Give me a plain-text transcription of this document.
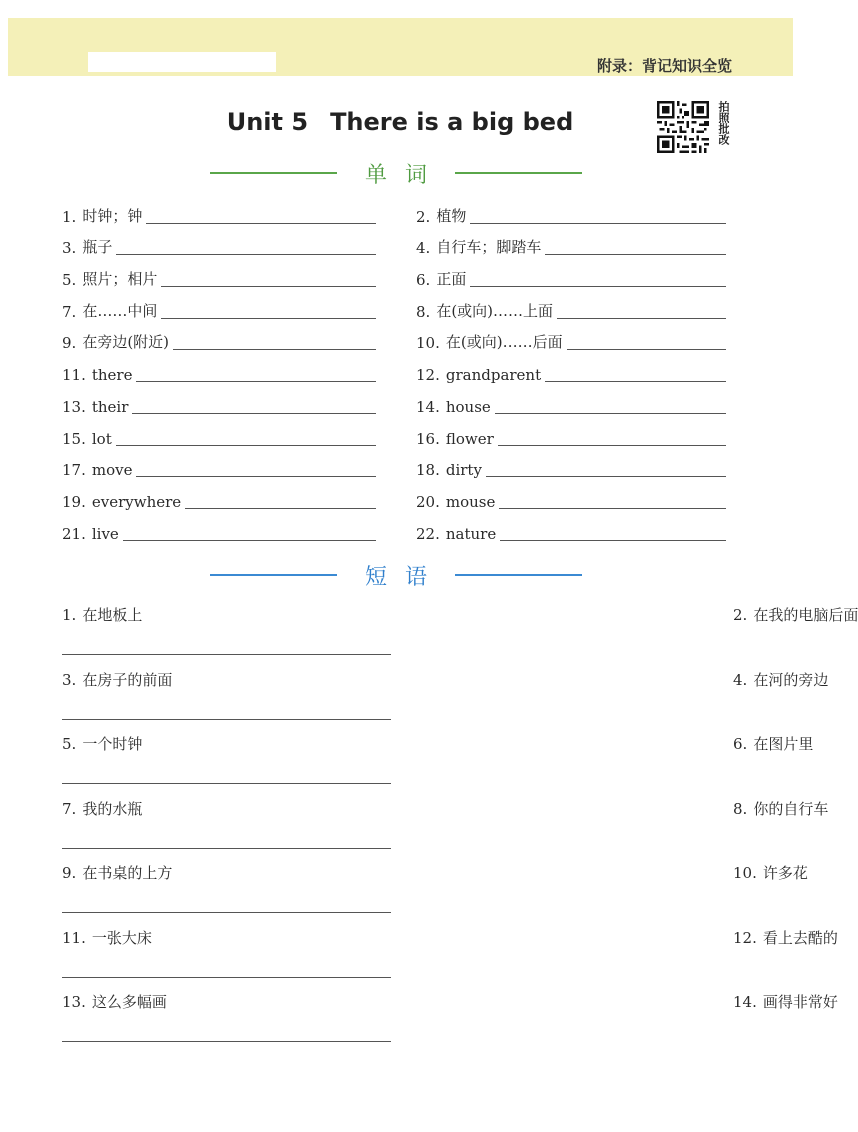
附录：背记知识全览
Unit 5 There is a big bed	拍照批改
单词
1. 时钟；钟	2. 植物
3. 瓶子	4. 自行车；脚踏车
5. 照片；相片	6. 正面
7. 在……中间	8. 在(或向)……上面
9. 在旁边(附近)	10. 在(或向)……后面
11. there	12. grandparent
13. their	14. house
15. lot	16. flower
17. move	18. dirty
19. everywhere	20. mouse
21. live	22. nature
短语
1. 在地板上	2. 在我的电脑后面
3. 在房子的前面	4. 在河的旁边
5. 一个时钟	6. 在图片里
7. 我的水瓶	8. 你的自行车
9. 在书桌的上方	10. 许多花
11. 一张大床	12. 看上去酷的
13. 这么多幅画	14. 画得非常好
